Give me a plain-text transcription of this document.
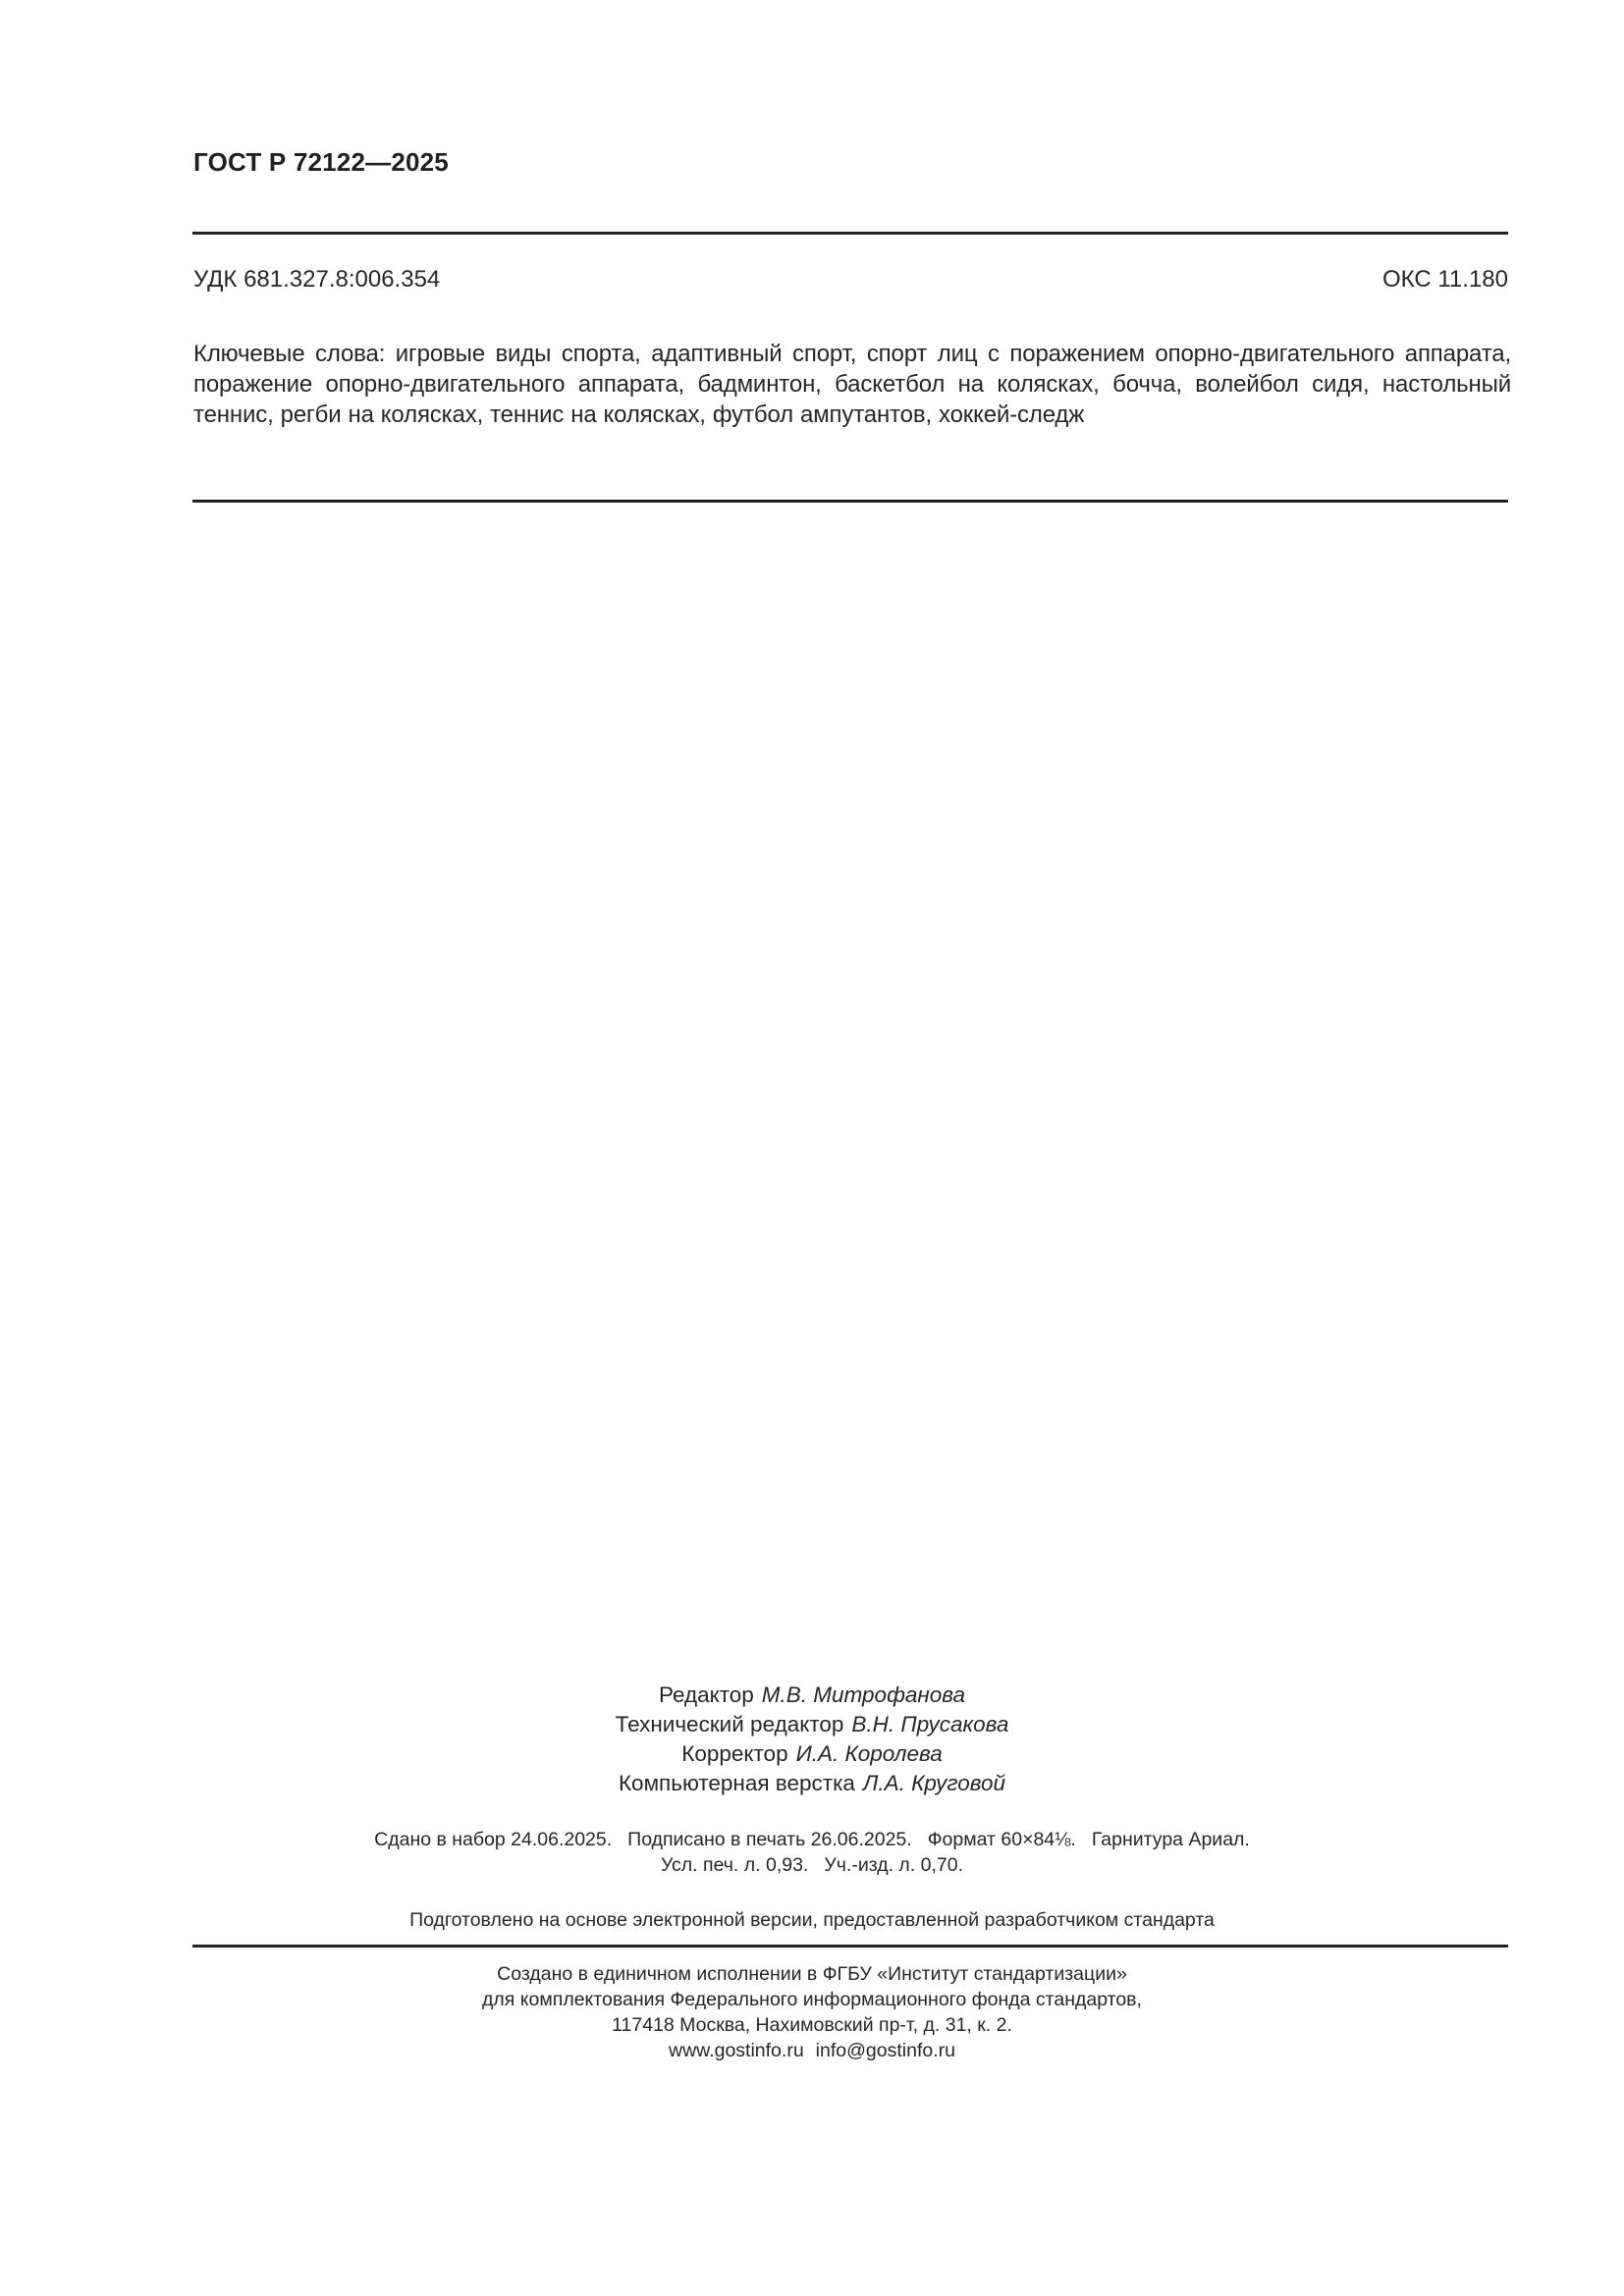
ГОСТ Р 72122—2025
УДК 681.327.8:006.354	ОКС 11.180
Ключевые слова: игровые виды спорта, адаптивный спорт, спорт лиц с поражением опорно-двигательного аппарата, поражение опорно-двигательного аппарата, бадминтон, баскетбол на колясках, бочча, волейбол сидя, настольный теннис, регби на колясках, теннис на колясках, футбол ампутантов, хоккей-следж
Редактор М.В. Митрофанова
Технический редактор В.Н. Прусакова
Корректор И.А. Королева
Компьютерная верстка Л.А. Круговой
Сдано в набор 24.06.2025. Подписано в печать 26.06.2025. Формат 60×84⅛. Гарнитура Ариал.
Усл. печ. л. 0,93. Уч.-изд. л. 0,70.
Подготовлено на основе электронной версии, предоставленной разработчиком стандарта
Создано в единичном исполнении в ФГБУ «Институт стандартизации»
для комплектования Федерального информационного фонда стандартов,
117418 Москва, Нахимовский пр-т, д. 31, к. 2.
www.gostinfo.ru info@gostinfo.ru
